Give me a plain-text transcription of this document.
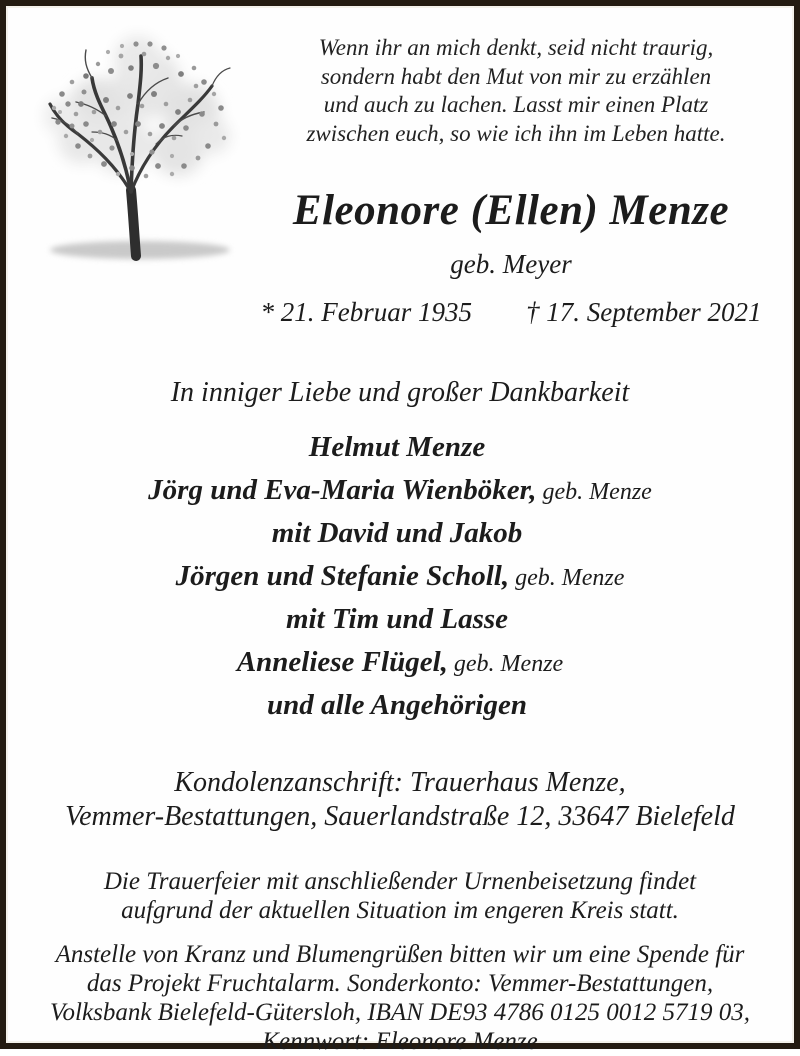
Wenn ihr an mich denkt, seid nicht traurig,
sondern habt den Mut von mir zu erzählen
und auch zu lachen. Lasst mir einen Platz
zwischen euch, so wie ich ihn im Leben hatte.
Eleonore (Ellen) Menze
geb. Meyer
* 21. Februar 1935 † 17. September 2021
In inniger Liebe und großer Dankbarkeit
Helmut Menze
Jörg und Eva-Maria Wienböker, geb. Menze
mit David und Jakob
Jörgen und Stefanie Scholl, geb. Menze
mit Tim und Lasse
Anneliese Flügel, geb. Menze
und alle Angehörigen
Kondolenzanschrift: Trauerhaus Menze,
Vemmer-Bestattungen, Sauerlandstraße 12, 33647 Bielefeld
Die Trauerfeier mit anschließender Urnenbeisetzung findet
aufgrund der aktuellen Situation im engeren Kreis statt.
Anstelle von Kranz und Blumengrüßen bitten wir um eine Spende für
das Projekt Fruchtalarm. Sonderkonto: Vemmer-Bestattungen,
Volksbank Bielefeld-Gütersloh, IBAN DE93 4786 0125 0012 5719 03,
Kennwort: Eleonore Menze
